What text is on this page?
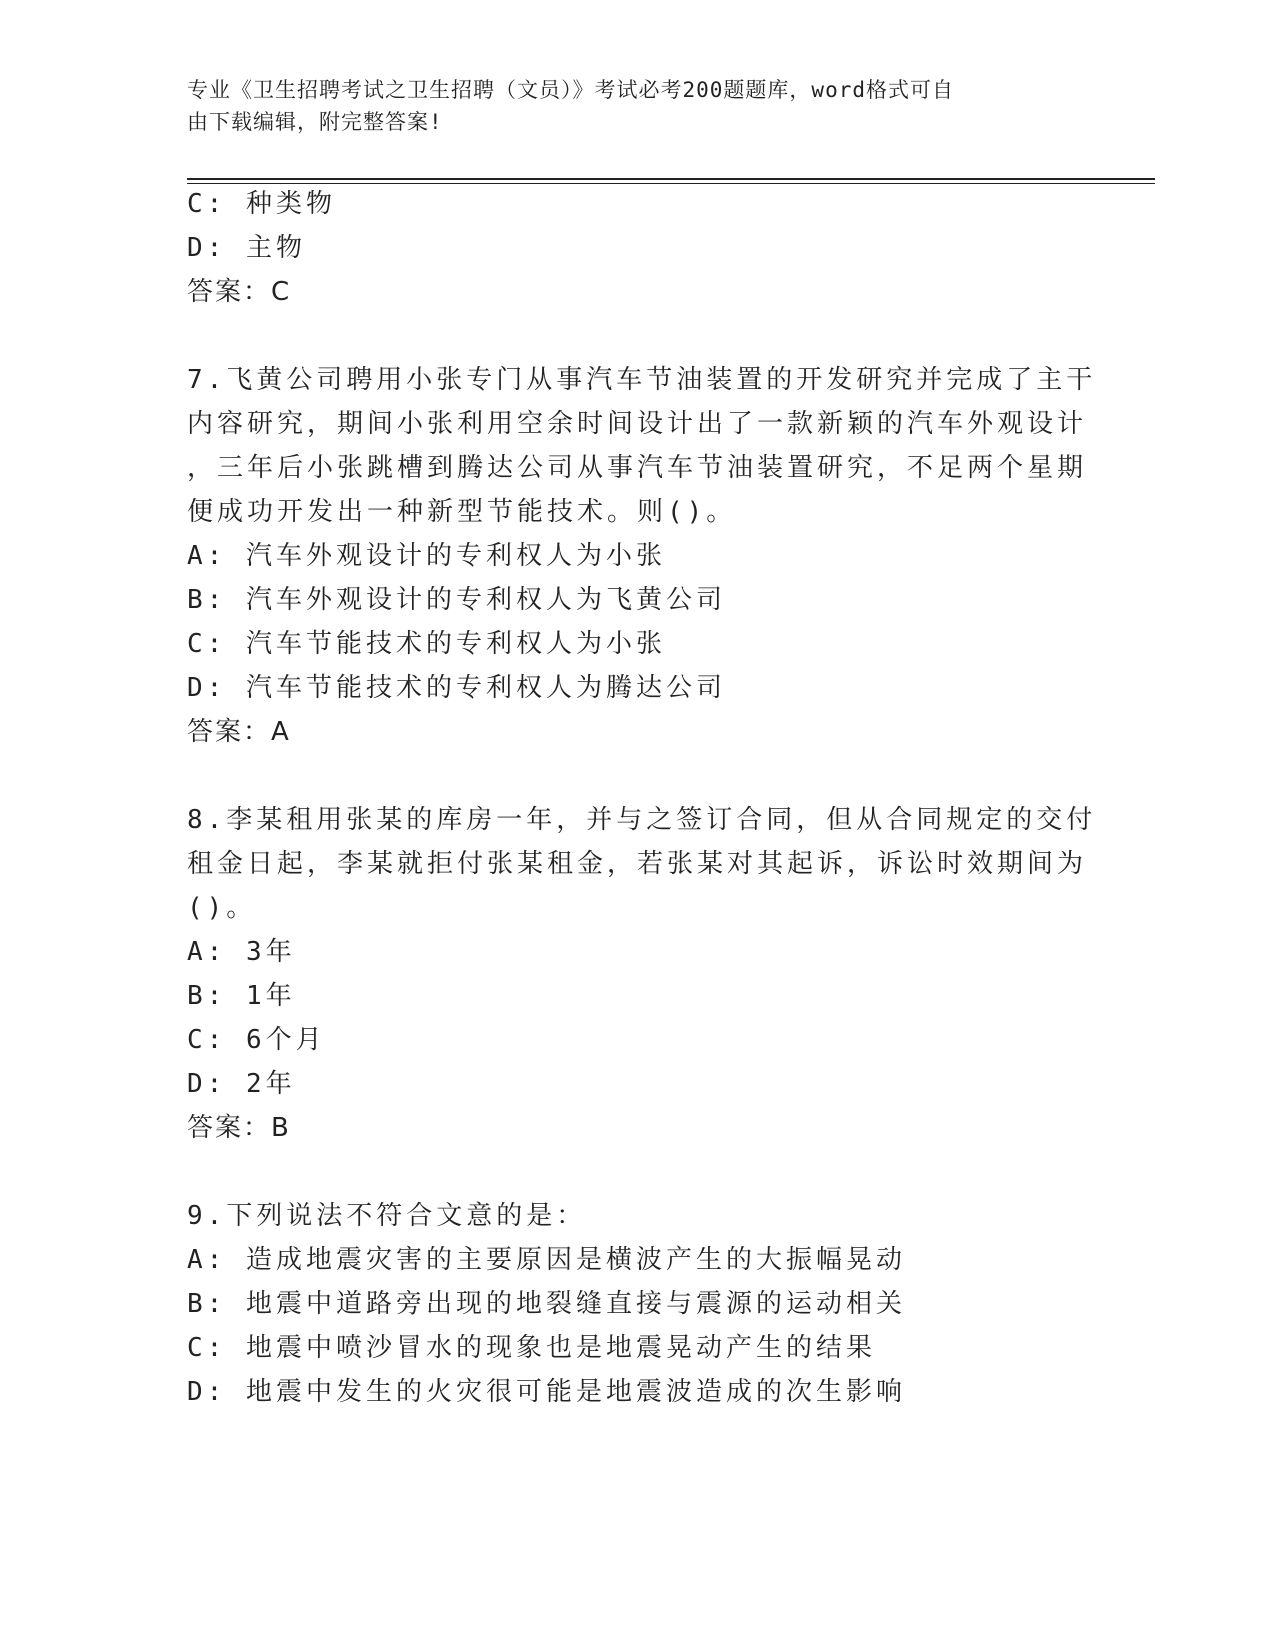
专业《卫生招聘考试之卫生招聘（文员）》考试必考200题题库，word格式可自
由下载编辑，附完整答案!
C: 种类物
D: 主物
答案：C
7.飞黄公司聘用小张专门从事汽车节油装置的开发研究并完成了主干
内容研究，期间小张利用空余时间设计出了一款新颖的汽车外观设计
，三年后小张跳槽到腾达公司从事汽车节油装置研究，不足两个星期
便成功开发出一种新型节能技术。则()。
A: 汽车外观设计的专利权人为小张
B: 汽车外观设计的专利权人为飞黄公司
C: 汽车节能技术的专利权人为小张
D: 汽车节能技术的专利权人为腾达公司
答案：A
8.李某租用张某的库房一年，并与之签订合同，但从合同规定的交付
租金日起，李某就拒付张某租金，若张某对其起诉，诉讼时效期间为
()。
A: 3年
B: 1年
C: 6个月
D: 2年
答案：B
9.下列说法不符合文意的是：
A: 造成地震灾害的主要原因是横波产生的大振幅晃动
B: 地震中道路旁出现的地裂缝直接与震源的运动相关
C: 地震中喷沙冒水的现象也是地震晃动产生的结果
D: 地震中发生的火灾很可能是地震波造成的次生影响
